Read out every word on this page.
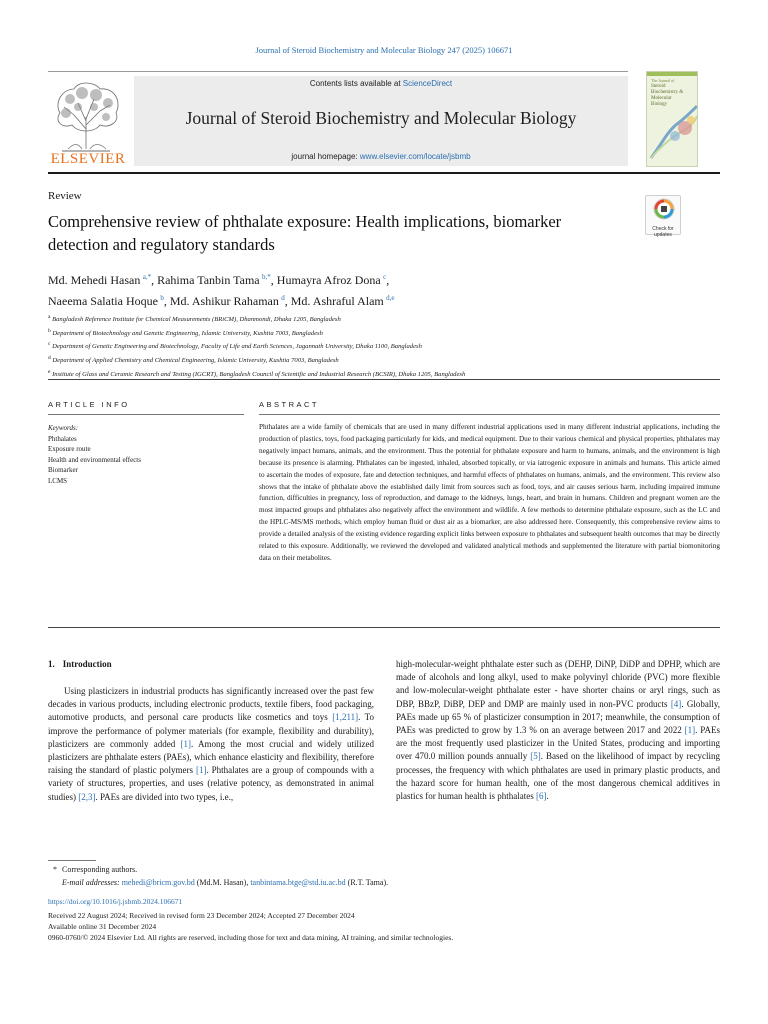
Journal of Steroid Biochemistry and Molecular Biology 247 (2025) 106671
ELSEVIER
Contents lists available at ScienceDirect
Journal of Steroid Biochemistry and Molecular Biology
journal homepage: www.elsevier.com/locate/jsbmb
The Journal of
Steroid
Biochemistry &
Molecular
Biology
Review
Comprehensive review of phthalate exposure: Health implications, biomarker detection and regulatory standards
Check for updates
Md. Mehedi Hasan  $^{a,*}$, Rahima Tanbin Tama  $^{b,*}$, Humayra Afroz Dona  $^c$,
Naeema Salatia Hoque  $^b$, Md. Ashikur Rahaman  $^d$, Md. Ashraful Alam  $^{d,e}$
$^a$ Bangladesh Reference Institute for Chemical Measurements (BRiCM), Dhanmondi, Dhaka 1205, Bangladesh
$^b$ Department of Biotechnology and Genetic Engineering, Islamic University, Kushtia 7003, Bangladesh
$^c$ Department of Genetic Engineering and Biotechnology, Faculty of Life and Earth Sciences, Jagannath University, Dhaka 1100, Bangladesh
$^d$ Department of Applied Chemistry and Chemical Engineering, Islamic University, Kushtia 7003, Bangladesh
$^e$ Institute of Glass and Ceramic Research and Testing (IGCRT), Bangladesh Council of Scientific and Industrial Research (BCSIR), Dhaka 1205, Bangladesh
ARTICLE INFO
Keywords:
Phthalates
Exposure route
Health and environmental effects
Biomarker
LCMS
ABSTRACT
Phthalates are a wide family of chemicals that are used in many different industrial applications used in many different industrial applications, including the production of plastics, toys, food packaging particularly for kids, and medical equipment. Due to their various chemical and physical properties, phthalates may negatively impact humans, animals, and the environment. Thus the potential for phthalate exposure and harm to humans, animals, and the environment is high because its presence is alarming. Phthalates can be ingested, inhaled, absorbed topically, or via iatrogenic exposure in animals and humans. This article aimed to ascertain the modes of exposure, fate and detection techniques, and harmful effects of phthalates on humans, animals, and the environment. This review also shows that the intake of phthalate above the established daily limit from sources such as food, toys, and air causes serious harm, including impaired immune function, difficulties in pregnancy, loss of reproduction, and damage to the kidneys, lungs, heart, and brain in humans. Children and pregnant women are the most impacted groups and phthalates also negatively affect the environment and wildlife. A few methods to determine phthalate exposure, such as the LC and the HPLC-MS/MS methods, which employ human fluid or dust air as a biomarker, are also addressed here. Consequently, this comprehensive review aims to provide a detailed analysis of the existing evidence regarding explicit links between exposure to phthalates and subsequent health outcomes that may be directly related to this exposure. Additionally, we reviewed the developed and validated analytical methods and supplemented the literature with partial biomonitoring data on their metabolites.
1. Introduction
Using plasticizers in industrial products has significantly increased over the past few decades in various products, including electronic products, textile fibers, food packaging, automotive products, and personal care products like cosmetics and toys [1,211]. To improve the performance of polymer materials (for example, flexibility and durability), plasticizers are commonly added [1]. Among the most crucial and widely utilized plasticizers are phthalate esters (PAEs), which enhance elasticity and flexibility, therefore raising the standard of plastic polymers [1]. Phthalates are a group of compounds with a variety of structures, properties, and uses (relative potency, as demonstrated in animal studies) [2,3]. PAEs are divided into two types, i.e.,
high-molecular-weight phthalate ester such as (DEHP, DiNP, DiDP and DPHP, which are made of alcohols and long alkyl, used to make polyvinyl chloride (PVC) more flexible and low-molecular-weight phthalate ester - have shorter chains or aryl rings, such as DBP, BBzP, DiBP, DEP and DMP are mainly used in non-PVC products [4]. Globally, PAEs made up 65 % of plasticizer consumption in 2017; meanwhile, the consumption of PAEs was predicted to grow by 1.3 % on an average between 2017 and 2022 [1]. PAEs are the most frequently used plasticizer in the United States, producing and importing over 470.0 million pounds annually [5]. Based on the likelihood of impact by recycling processes, the frequency with which phthalates are used in primary plastic products, and the hazard score for human health, one of the most dangerous chemical additives in plastics for human health is phthalates [6].
* Corresponding authors.
E-mail addresses: mehedi@bricm.gov.bd (Md.M. Hasan), tanbintama.btge@std.iu.ac.bd (R.T. Tama).
https://doi.org/10.1016/j.jsbmb.2024.106671
Received 22 August 2024; Received in revised form 23 December 2024; Accepted 27 December 2024
Available online 31 December 2024
0960-0760/© 2024 Elsevier Ltd. All rights are reserved, including those for text and data mining, AI training, and similar technologies.
